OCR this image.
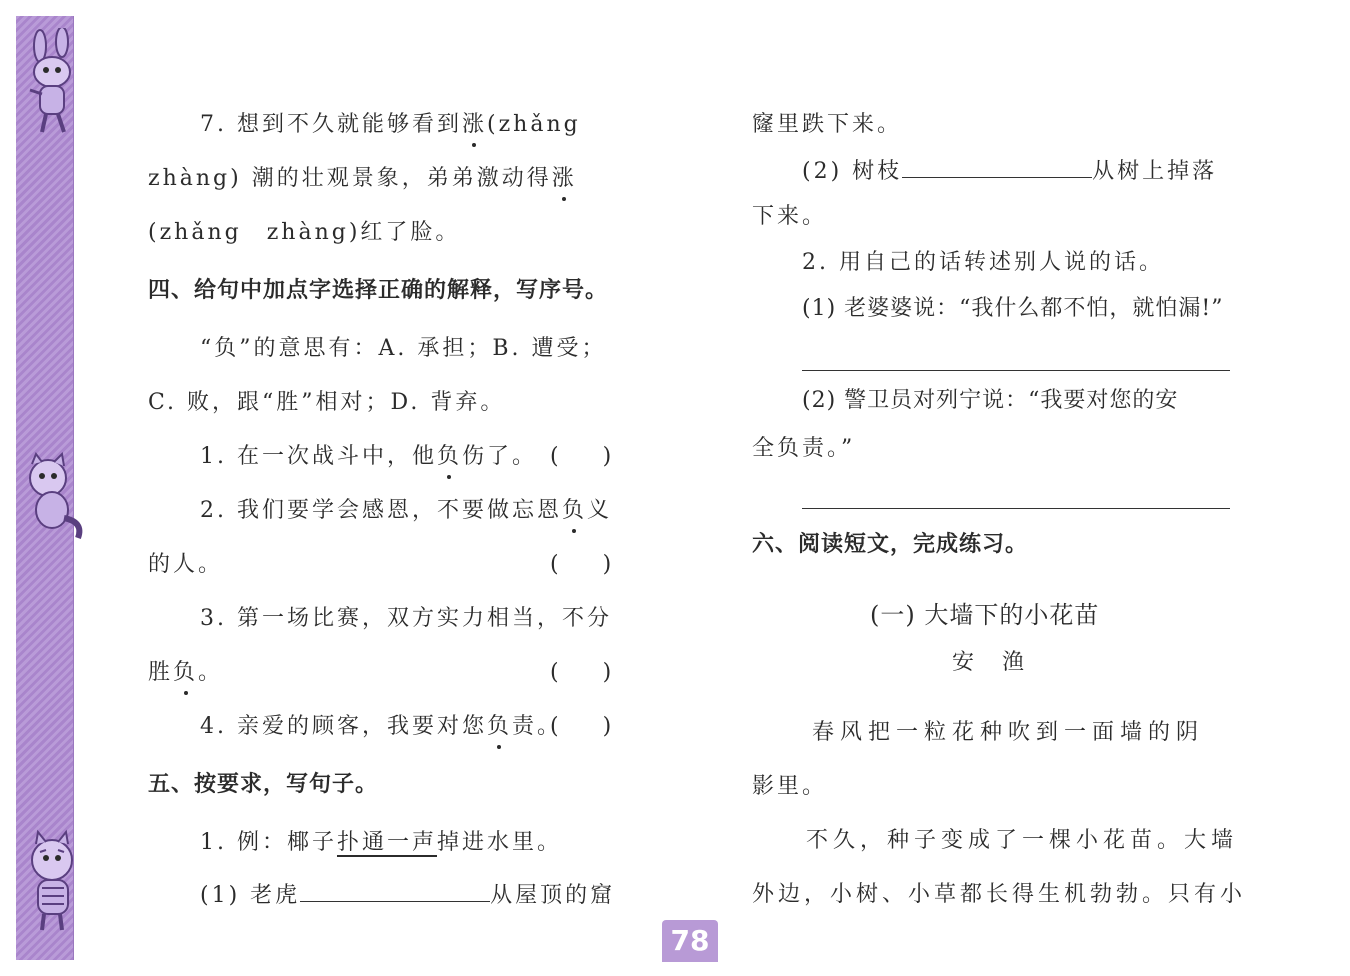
7. 想到不久就能够看到涨(zhǎng
zhàng) 潮的壮观景象，弟弟激动得涨
(zhǎng　zhàng)红了脸。
四、给句中加点字选择正确的解释，写序号。
“负”的意思有：A. 承担；B. 遭受；
C. 败，跟“胜”相对；D. 背弃。
1. 在一次战斗中，他负伤了。 (　　)
2. 我们要学会感恩，不要做忘恩负义
的人。	(　　)
3. 第一场比赛，双方实力相当，不分
胜负。	(　　)
4. 亲爱的顾客，我要对您负责。
(　　)
五、按要求，写句子。
1. 例：椰子扑通一声掉进水里。
(1) 老虎	从屋顶的窟
窿里跌下来。
(2) 树枝	从树上掉落
下来。
2. 用自己的话转述别人说的话。
(1) 老婆婆说：“我什么都不怕，就怕漏!”
(2) 警卫员对列宁说：“我要对您的安
全负责。”
六、阅读短文，完成练习。
(一) 大墙下的小花苗
安　渔
春风把一粒花种吹到一面墙的阴
影里。
不久，种子变成了一棵小花苗。大墙
外边，小树、小草都长得生机勃勃。只有小
78
